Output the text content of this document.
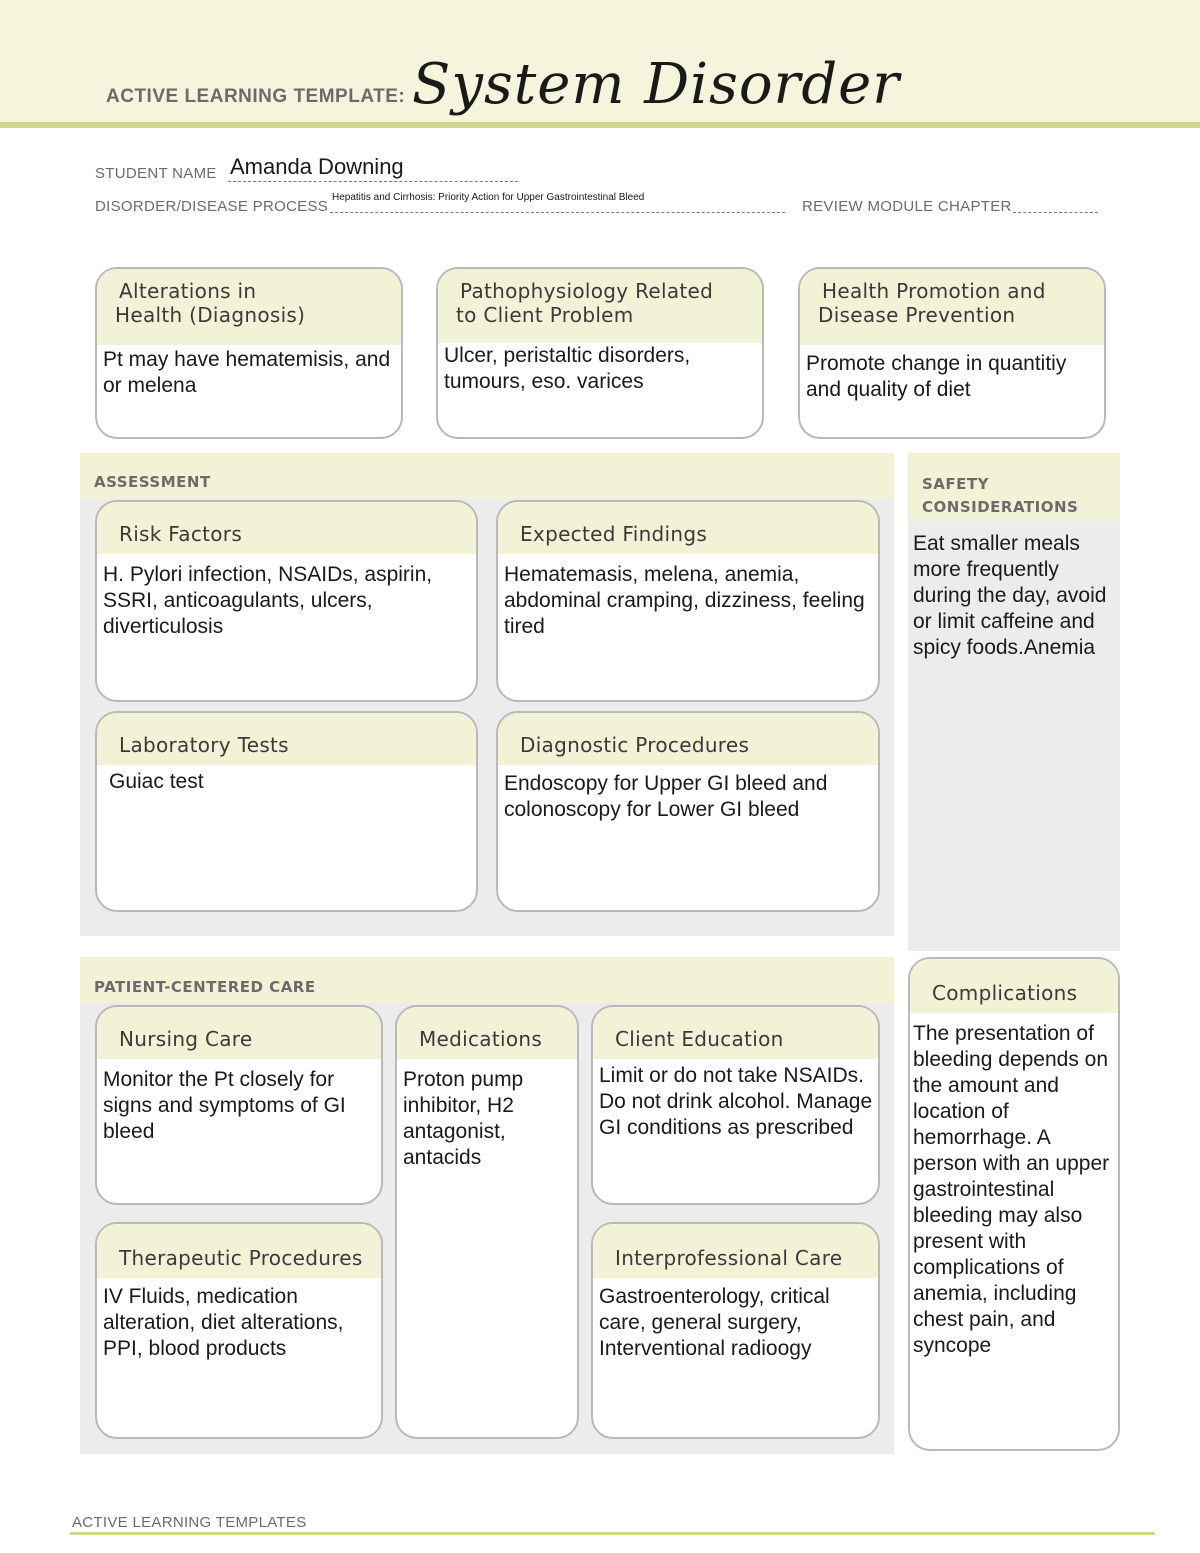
ACTIVE LEARNING TEMPLATE: System Disorder
STUDENT NAME Amanda Downing
DISORDER/DISEASE PROCESS
Hepatitis and Cirrhosis: Priority Action for Upper Gastrointestinal Bleed
REVIEW MODULE CHAPTER
Alterations in
Health (Diagnosis)
Pt may have hematemisis, and or melena
Pathophysiology Related
to Client Problem
Ulcer, peristaltic disorders, tumours, eso. varices
Health Promotion and
Disease Prevention
Promote change in quantitiy and quality of diet
ASSESSMENT
Risk Factors
H. Pylori infection, NSAIDs, aspirin, SSRI, anticoagulants, ulcers, diverticulosis
Expected Findings
Hematemasis, melena, anemia, abdominal cramping, dizziness, feeling tired
Laboratory Tests
Guiac test
Diagnostic Procedures
Endoscopy for Upper GI bleed and colonoscopy for Lower GI bleed
SAFETY
CONSIDERATIONS
Eat smaller meals more frequently during the day, avoid or limit caffeine and spicy foods.Anemia
PATIENT-CENTERED CARE
Nursing Care
Monitor the Pt closely for signs and symptoms of GI bleed
Medications
Proton pump inhibitor, H2 antagonist, antacids
Client Education
Limit or do not take NSAIDs. Do not drink alcohol. Manage GI conditions as prescribed
Therapeutic Procedures
IV Fluids, medication alteration, diet alterations, PPI, blood products
Interprofessional Care
Gastroenterology, critical care, general surgery, Interventional radioogy
Complications
The presentation of bleeding depends on the amount and location of hemorrhage. A person with an upper gastrointestinal bleeding may also present with complications of anemia, including chest pain, and syncope
ACTIVE LEARNING TEMPLATES
